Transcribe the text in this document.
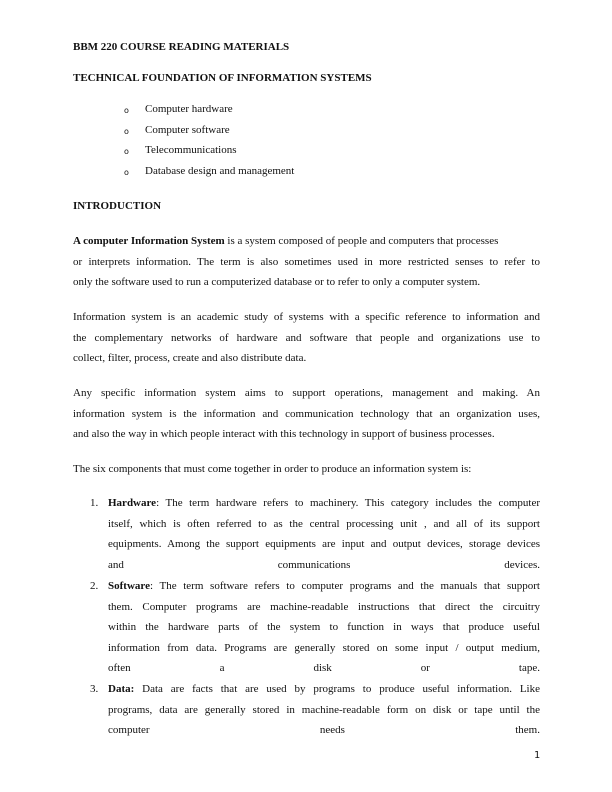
BBM 220 COURSE READING MATERIALS
TECHNICAL FOUNDATION OF INFORMATION SYSTEMS
o Computer hardware
o Computer software
o Telecommunications
o Database design and management
INTRODUCTION
A computer Information System is a system composed of people and computers that processes
or interprets information. The term is also sometimes used in more restricted senses to refer to
only the software used to run a computerized database or to refer to only a computer system.
Information system is an academic study of systems with a specific reference to information and
the complementary networks of hardware and software that people and organizations use to
collect, filter, process, create and also distribute data.
Any specific information system aims to support operations, management and making. An
information system is the information and communication technology that an organization uses,
and also the way in which people interact with this technology in support of business processes.
The six components that must come together in order to produce an information system is:
1. Hardware: The term hardware refers to machinery. This category includes the computer
itself, which is often referred to as the central processing unit , and all of its support
equipments. Among the support equipments are input and output devices, storage devices
and communications devices.
2. Software: The term software refers to computer programs and the manuals that support
them. Computer programs are machine-readable instructions that direct the circuitry
within the hardware parts of the system to function in ways that produce useful
information from data. Programs are generally stored on some input / output medium,
often a disk or tape.
3. Data: Data are facts that are used by programs to produce useful information. Like
programs, data are generally stored in machine-readable form on disk or tape until the
computer needs them.
1
